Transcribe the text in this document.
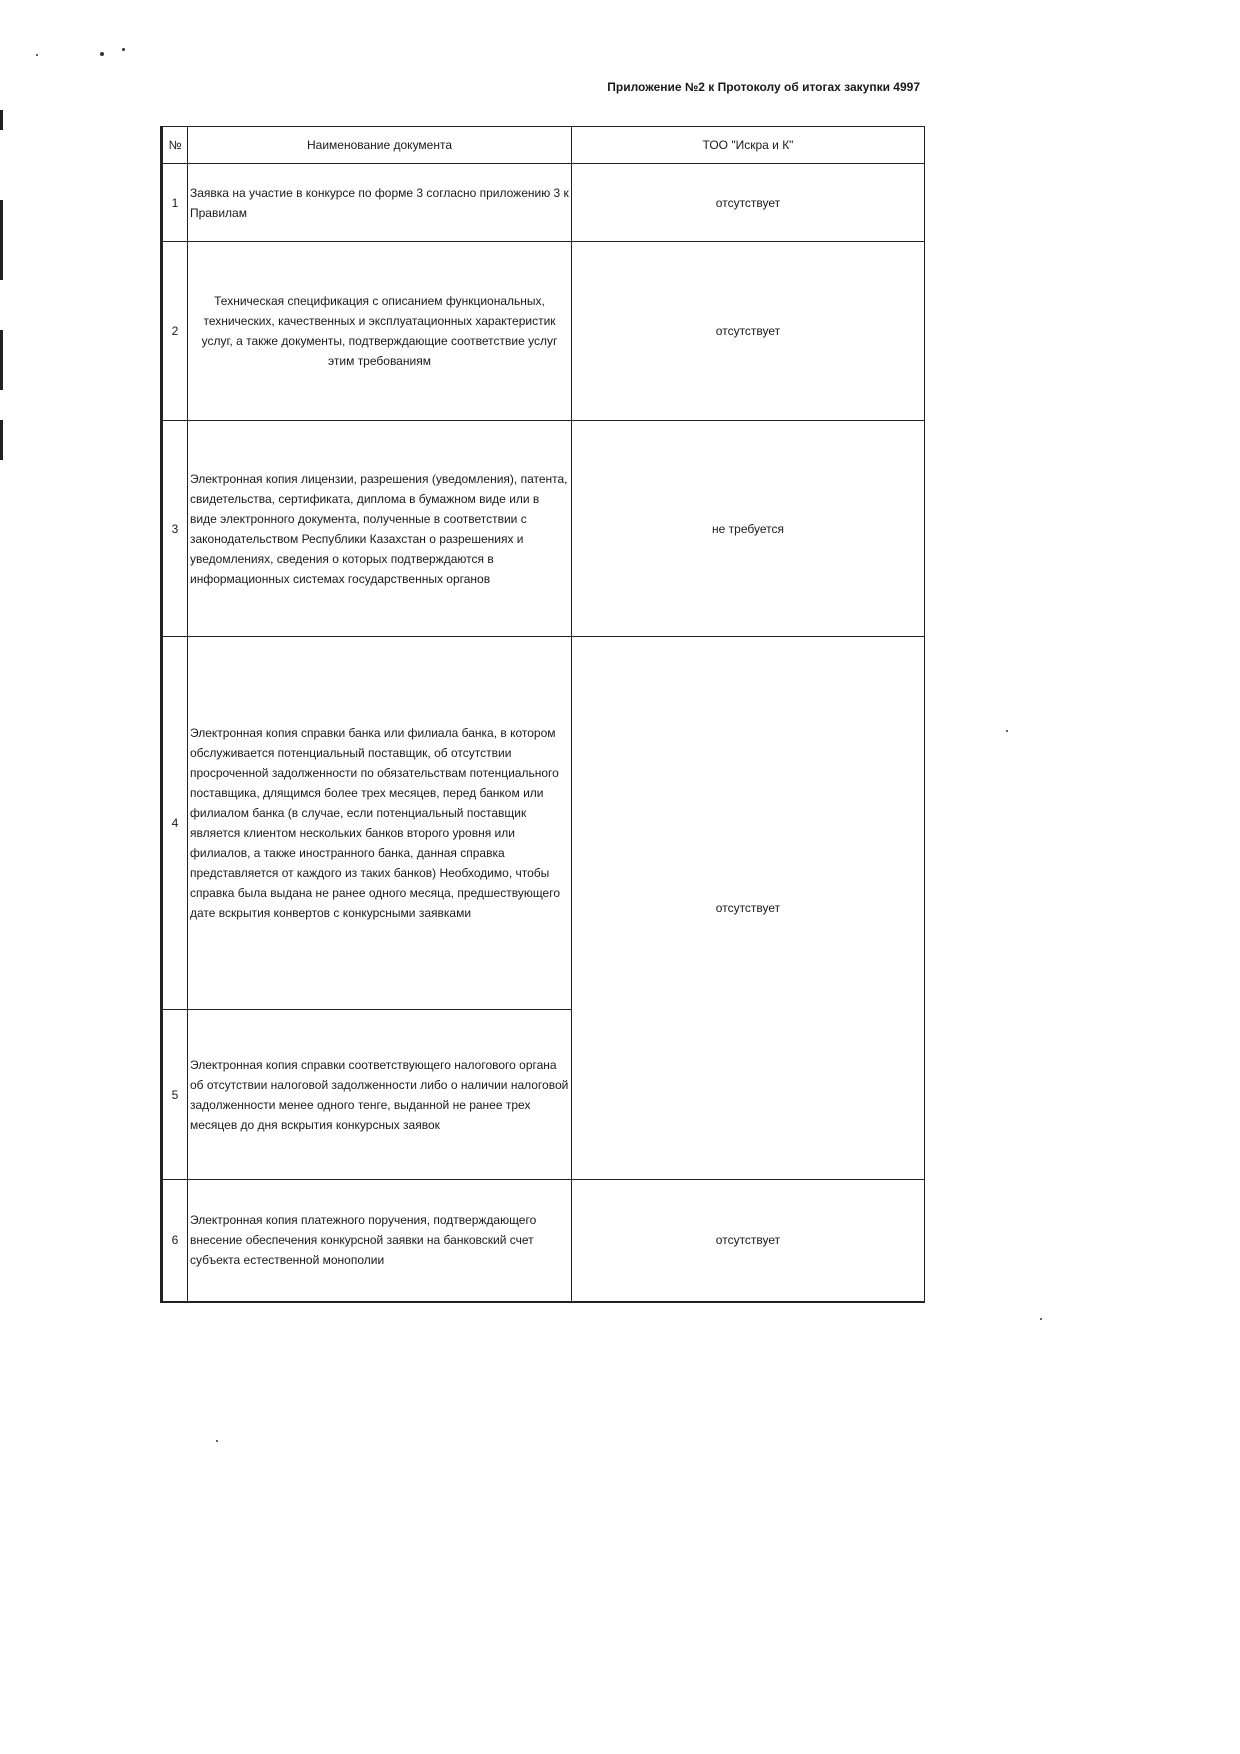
Приложение №2 к Протоколу об итогах закупки 4997
№	Наименование документа	ТОО "Искра и К"
1	Заявка на участие в конкурсе по форме 3 согласно приложению 3 к Правилам	отсутствует
2	Техническая спецификация с описанием функциональных, технических, качественных и эксплуатационных характеристик услуг, а также документы, подтверждающие соответствие услуг этим требованиям	отсутствует
3	Электронная копия лицензии, разрешения (уведомления), патента, свидетельства, сертификата, диплома в бумажном виде или в виде электронного документа, полученные в соответствии с законодательством Республики Казахстан о разрешениях и уведомлениях, сведения о которых подтверждаются в информационных системах государственных органов	не требуется
4	Электронная копия справки банка или филиала банка, в котором обслуживается потенциальный поставщик, об отсутствии просроченной задолженности по обязательствам потенциального поставщика, длящимся более трех месяцев, перед банком или филиалом банка (в случае, если потенциальный поставщик является клиентом нескольких банков второго уровня или филиалов, а также иностранного банка, данная справка представляется от каждого из таких банков) Необходимо, чтобы справка была выдана не ранее одного месяца, предшествующего дате вскрытия конвертов с конкурсными заявками	отсутствует
5	Электронная копия справки соответствующего налогового органа об отсутствии налоговой задолженности либо о наличии налоговой задолженности менее одного тенге, выданной не ранее трех месяцев до дня вскрытия конкурсных заявок	
6	Электронная копия платежного поручения, подтверждающего внесение обеспечения конкурсной заявки на банковский счет субъекта естественной монополии	отсутствует
